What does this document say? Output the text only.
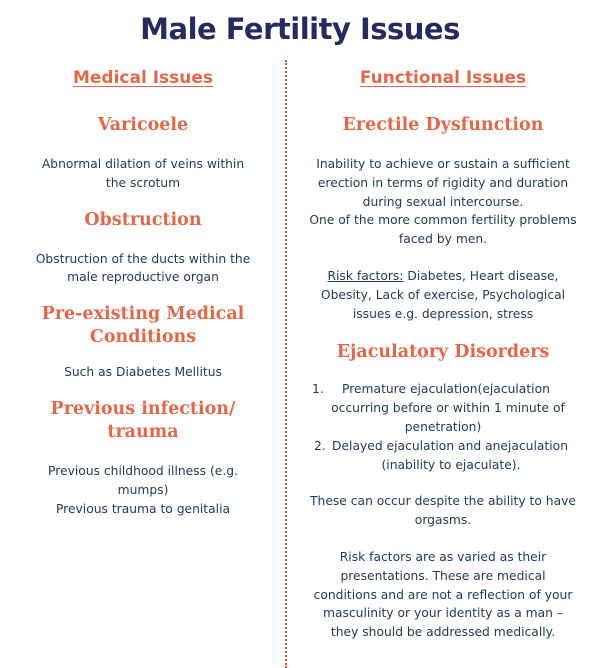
Male Fertility Issues
Medical Issues

Varicoele

Abnormal dilation of veins within

the scrotum

Obstruction

Obstruction of the ducts within the

male reproductive organ

Pre-existing Medical

Conditions

Such as Diabetes Mellitus

Previous infection/

trauma

Previous childhood illness (e.g.

mumps)

Previous trauma to genitalia

Functional Issues

Erectile Dysfunction

Inability to achieve or sustain a sufficient

erection in terms of rigidity and duration

during sexual intercourse.

One of the more common fertility problems

faced by men.

Risk factors: Diabetes, Heart disease,

Obesity, Lack of exercise, Psychological

issues e.g. depression, stress

Ejaculatory Disorders

1. Premature ejaculation(ejaculation

occurring before or within 1 minute of

penetration)

2. Delayed ejaculation and anejaculation

(inability to ejaculate).

These can occur despite the ability to have

orgasms.

Risk factors are as varied as their

presentations. These are medical

conditions and are not a reflection of your

masculinity or your identity as a man –

they should be addressed medically.
